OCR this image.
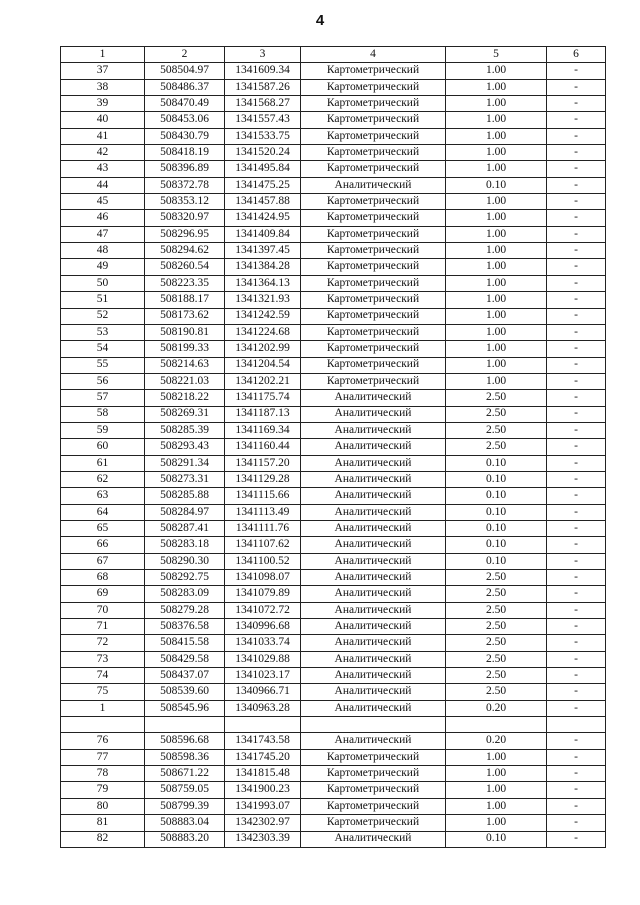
4
1	2	3	4	5	6
37	508504.97	1341609.34	Картометрический	1.00	-
38	508486.37	1341587.26	Картометрический	1.00	-
39	508470.49	1341568.27	Картометрический	1.00	-
40	508453.06	1341557.43	Картометрический	1.00	-
41	508430.79	1341533.75	Картометрический	1.00	-
42	508418.19	1341520.24	Картометрический	1.00	-
43	508396.89	1341495.84	Картометрический	1.00	-
44	508372.78	1341475.25	Аналитический	0.10	-
45	508353.12	1341457.88	Картометрический	1.00	-
46	508320.97	1341424.95	Картометрический	1.00	-
47	508296.95	1341409.84	Картометрический	1.00	-
48	508294.62	1341397.45	Картометрический	1.00	-
49	508260.54	1341384.28	Картометрический	1.00	-
50	508223.35	1341364.13	Картометрический	1.00	-
51	508188.17	1341321.93	Картометрический	1.00	-
52	508173.62	1341242.59	Картометрический	1.00	-
53	508190.81	1341224.68	Картометрический	1.00	-
54	508199.33	1341202.99	Картометрический	1.00	-
55	508214.63	1341204.54	Картометрический	1.00	-
56	508221.03	1341202.21	Картометрический	1.00	-
57	508218.22	1341175.74	Аналитический	2.50	-
58	508269.31	1341187.13	Аналитический	2.50	-
59	508285.39	1341169.34	Аналитический	2.50	-
60	508293.43	1341160.44	Аналитический	2.50	-
61	508291.34	1341157.20	Аналитический	0.10	-
62	508273.31	1341129.28	Аналитический	0.10	-
63	508285.88	1341115.66	Аналитический	0.10	-
64	508284.97	1341113.49	Аналитический	0.10	-
65	508287.41	1341111.76	Аналитический	0.10	-
66	508283.18	1341107.62	Аналитический	0.10	-
67	508290.30	1341100.52	Аналитический	0.10	-
68	508292.75	1341098.07	Аналитический	2.50	-
69	508283.09	1341079.89	Аналитический	2.50	-
70	508279.28	1341072.72	Аналитический	2.50	-
71	508376.58	1340996.68	Аналитический	2.50	-
72	508415.58	1341033.74	Аналитический	2.50	-
73	508429.58	1341029.88	Аналитический	2.50	-
74	508437.07	1341023.17	Аналитический	2.50	-
75	508539.60	1340966.71	Аналитический	2.50	-
1	508545.96	1340963.28	Аналитический	0.20	-

76	508596.68	1341743.58	Аналитический	0.20	-
77	508598.36	1341745.20	Картометрический	1.00	-
78	508671.22	1341815.48	Картометрический	1.00	-
79	508759.05	1341900.23	Картометрический	1.00	-
80	508799.39	1341993.07	Картометрический	1.00	-
81	508883.04	1342302.97	Картометрический	1.00	-
82	508883.20	1342303.39	Аналитический	0.10	-
